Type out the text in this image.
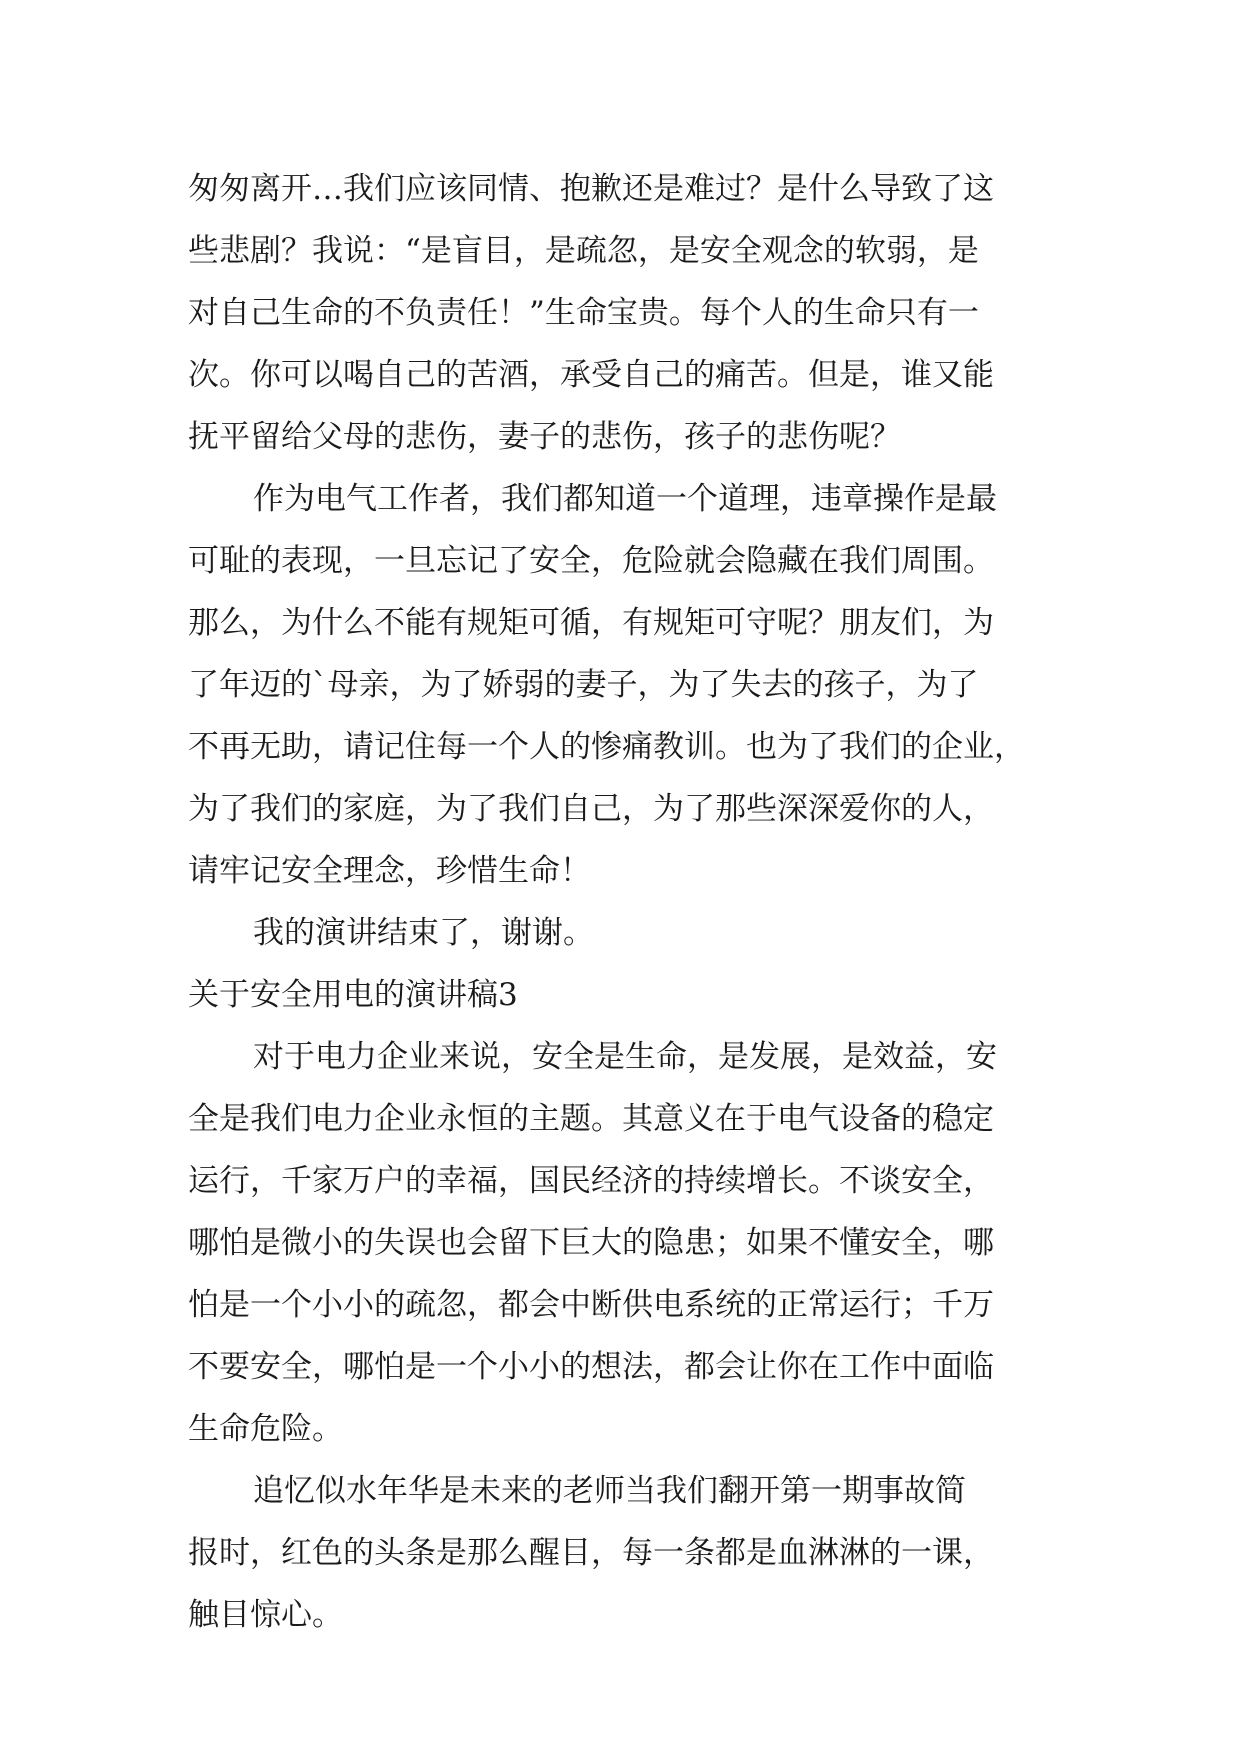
匆匆离开…我们应该同情、抱歉还是难过？是什么导致了这
些悲剧？我说：“是盲目，是疏忽，是安全观念的软弱，是
对自己生命的不负责任！”生命宝贵。每个人的生命只有一
次。你可以喝自己的苦酒，承受自己的痛苦。但是，谁又能
抚平留给父母的悲伤，妻子的悲伤，孩子的悲伤呢？
作为电气工作者，我们都知道一个道理，违章操作是最
可耻的表现，一旦忘记了安全，危险就会隐藏在我们周围。
那么，为什么不能有规矩可循，有规矩可守呢？朋友们，为
了年迈的`母亲，为了娇弱的妻子，为了失去的孩子，为了
不再无助，请记住每一个人的惨痛教训。也为了我们的企业，
为了我们的家庭，为了我们自己，为了那些深深爱你的人，
请牢记安全理念，珍惜生命！
我的演讲结束了，谢谢。
关于安全用电的演讲稿3
对于电力企业来说，安全是生命，是发展，是效益，安
全是我们电力企业永恒的主题。其意义在于电气设备的稳定
运行，千家万户的幸福，国民经济的持续增长。不谈安全，
哪怕是微小的失误也会留下巨大的隐患；如果不懂安全，哪
怕是一个小小的疏忽，都会中断供电系统的正常运行；千万
不要安全，哪怕是一个小小的想法，都会让你在工作中面临
生命危险。
追忆似水年华是未来的老师当我们翻开第一期事故简
报时，红色的头条是那么醒目，每一条都是血淋淋的一课，
触目惊心。
